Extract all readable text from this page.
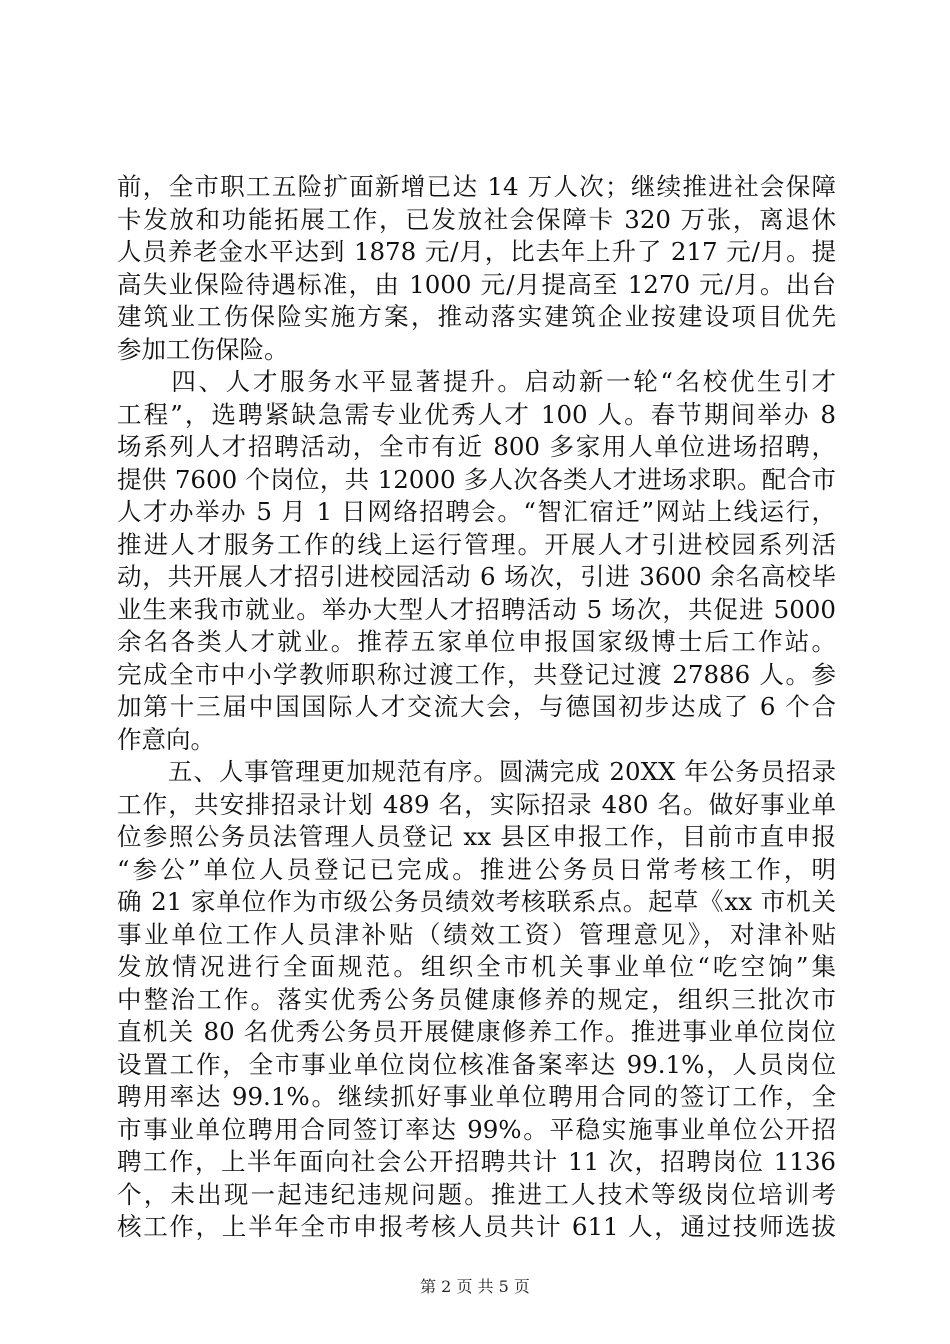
前，全市职工五险扩面新增已达 14 万人次；继续推进社会保障
卡发放和功能拓展工作，已发放社会保障卡 320 万张，离退休
人员养老金水平达到 1878 元/月，比去年上升了 217 元/月。提
高失业保险待遇标准，由 1000 元/月提高至 1270 元/月。出台
建筑业工伤保险实施方案，推动落实建筑企业按建设项目优先
参加工伤保险。
　　四、人才服务水平显著提升。启动新一轮“名校优生引才
工程”，选聘紧缺急需专业优秀人才 100 人。春节期间举办 8
场系列人才招聘活动，全市有近 800 多家用人单位进场招聘，
提供 7600 个岗位，共 12000 多人次各类人才进场求职。配合市
人才办举办 5 月 1 日网络招聘会。“智汇宿迁”网站上线运行，
推进人才服务工作的线上运行管理。开展人才引进校园系列活
动，共开展人才招引进校园活动 6 场次，引进 3600 余名高校毕
业生来我市就业。举办大型人才招聘活动 5 场次，共促进 5000
余名各类人才就业。推荐五家单位申报国家级博士后工作站。
完成全市中小学教师职称过渡工作，共登记过渡 27886 人。参
加第十三届中国国际人才交流大会，与德国初步达成了 6 个合
作意向。
　　五、人事管理更加规范有序。圆满完成 20XX 年公务员招录
工作，共安排招录计划 489 名，实际招录 480 名。做好事业单
位参照公务员法管理人员登记 xx 县区申报工作，目前市直申报
“参公”单位人员登记已完成。推进公务员日常考核工作，明
确 21 家单位作为市级公务员绩效考核联系点。起草《xx 市机关
事业单位工作人员津补贴（绩效工资）管理意见》，对津补贴
发放情况进行全面规范。组织全市机关事业单位“吃空饷”集
中整治工作。落实优秀公务员健康修养的规定，组织三批次市
直机关 80 名优秀公务员开展健康修养工作。推进事业单位岗位
设置工作，全市事业单位岗位核准备案率达 99.1%，人员岗位
聘用率达 99.1%。继续抓好事业单位聘用合同的签订工作，全
市事业单位聘用合同签订率达 99%。平稳实施事业单位公开招
聘工作，上半年面向社会公开招聘共计 11 次，招聘岗位 1136
个，未出现一起违纪违规问题。推进工人技术等级岗位培训考
核工作，上半年全市申报考核人员共计 611 人，通过技师选拔
第 2 页 共 5 页
